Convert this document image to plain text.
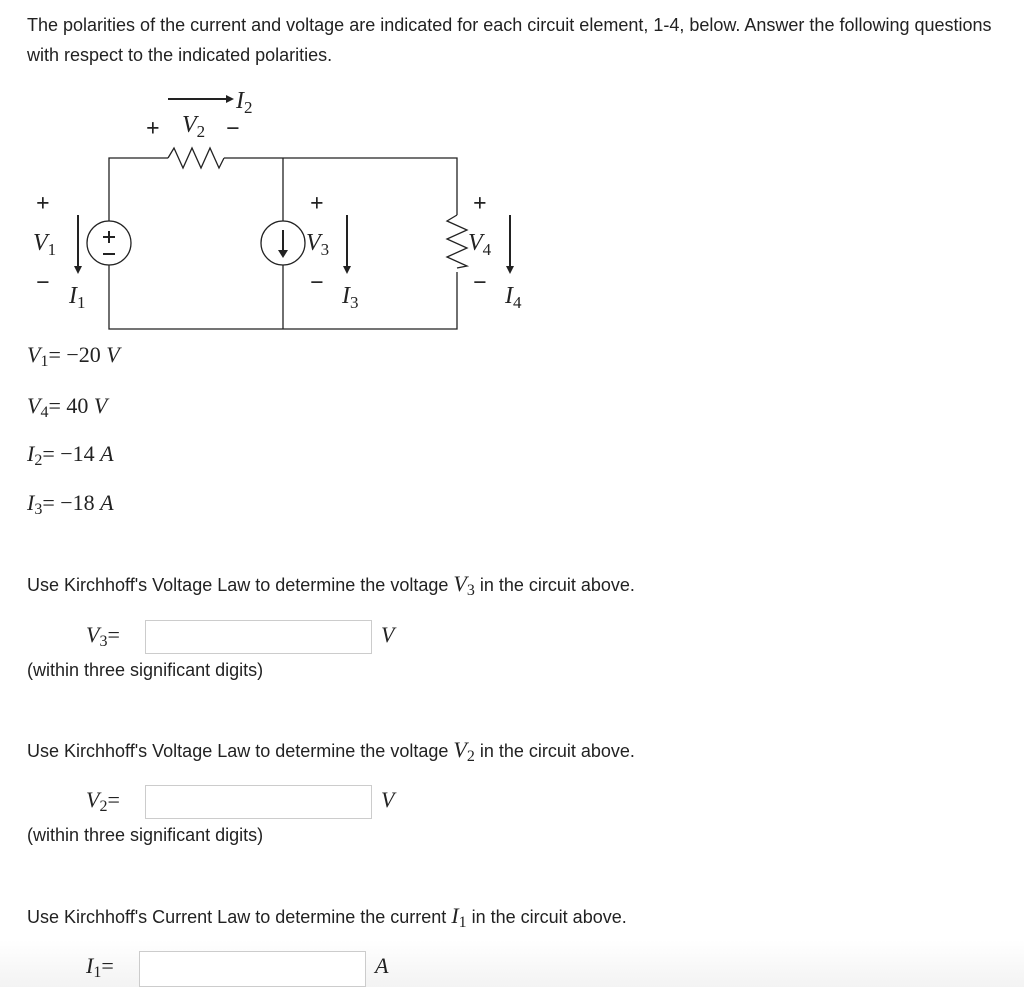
The polarities of the current and voltage are indicated for each circuit element, 1-4, below. Answer the following questions with respect to the indicated polarities.
$I_2$
$V_2$
+	−
+
−
$V_1$
$I_1$
+
−
$V_3$
$I_3$
+
−
$V_4$
$I_4$
$V_1= -20$ V
$V_4= 40$ V
$I_2= -14$ A
$I_3= -18$ A
Use Kirchhoff's Voltage Law to determine the voltage $V_3$ in the circuit above.
$V_3=$	V
(within three significant digits)
Use Kirchhoff's Voltage Law to determine the voltage $V_2$ in the circuit above.
$V_2=$	V
(within three significant digits)
Use Kirchhoff's Current Law to determine the current $I_1$ in the circuit above.
$I_1=$	A
